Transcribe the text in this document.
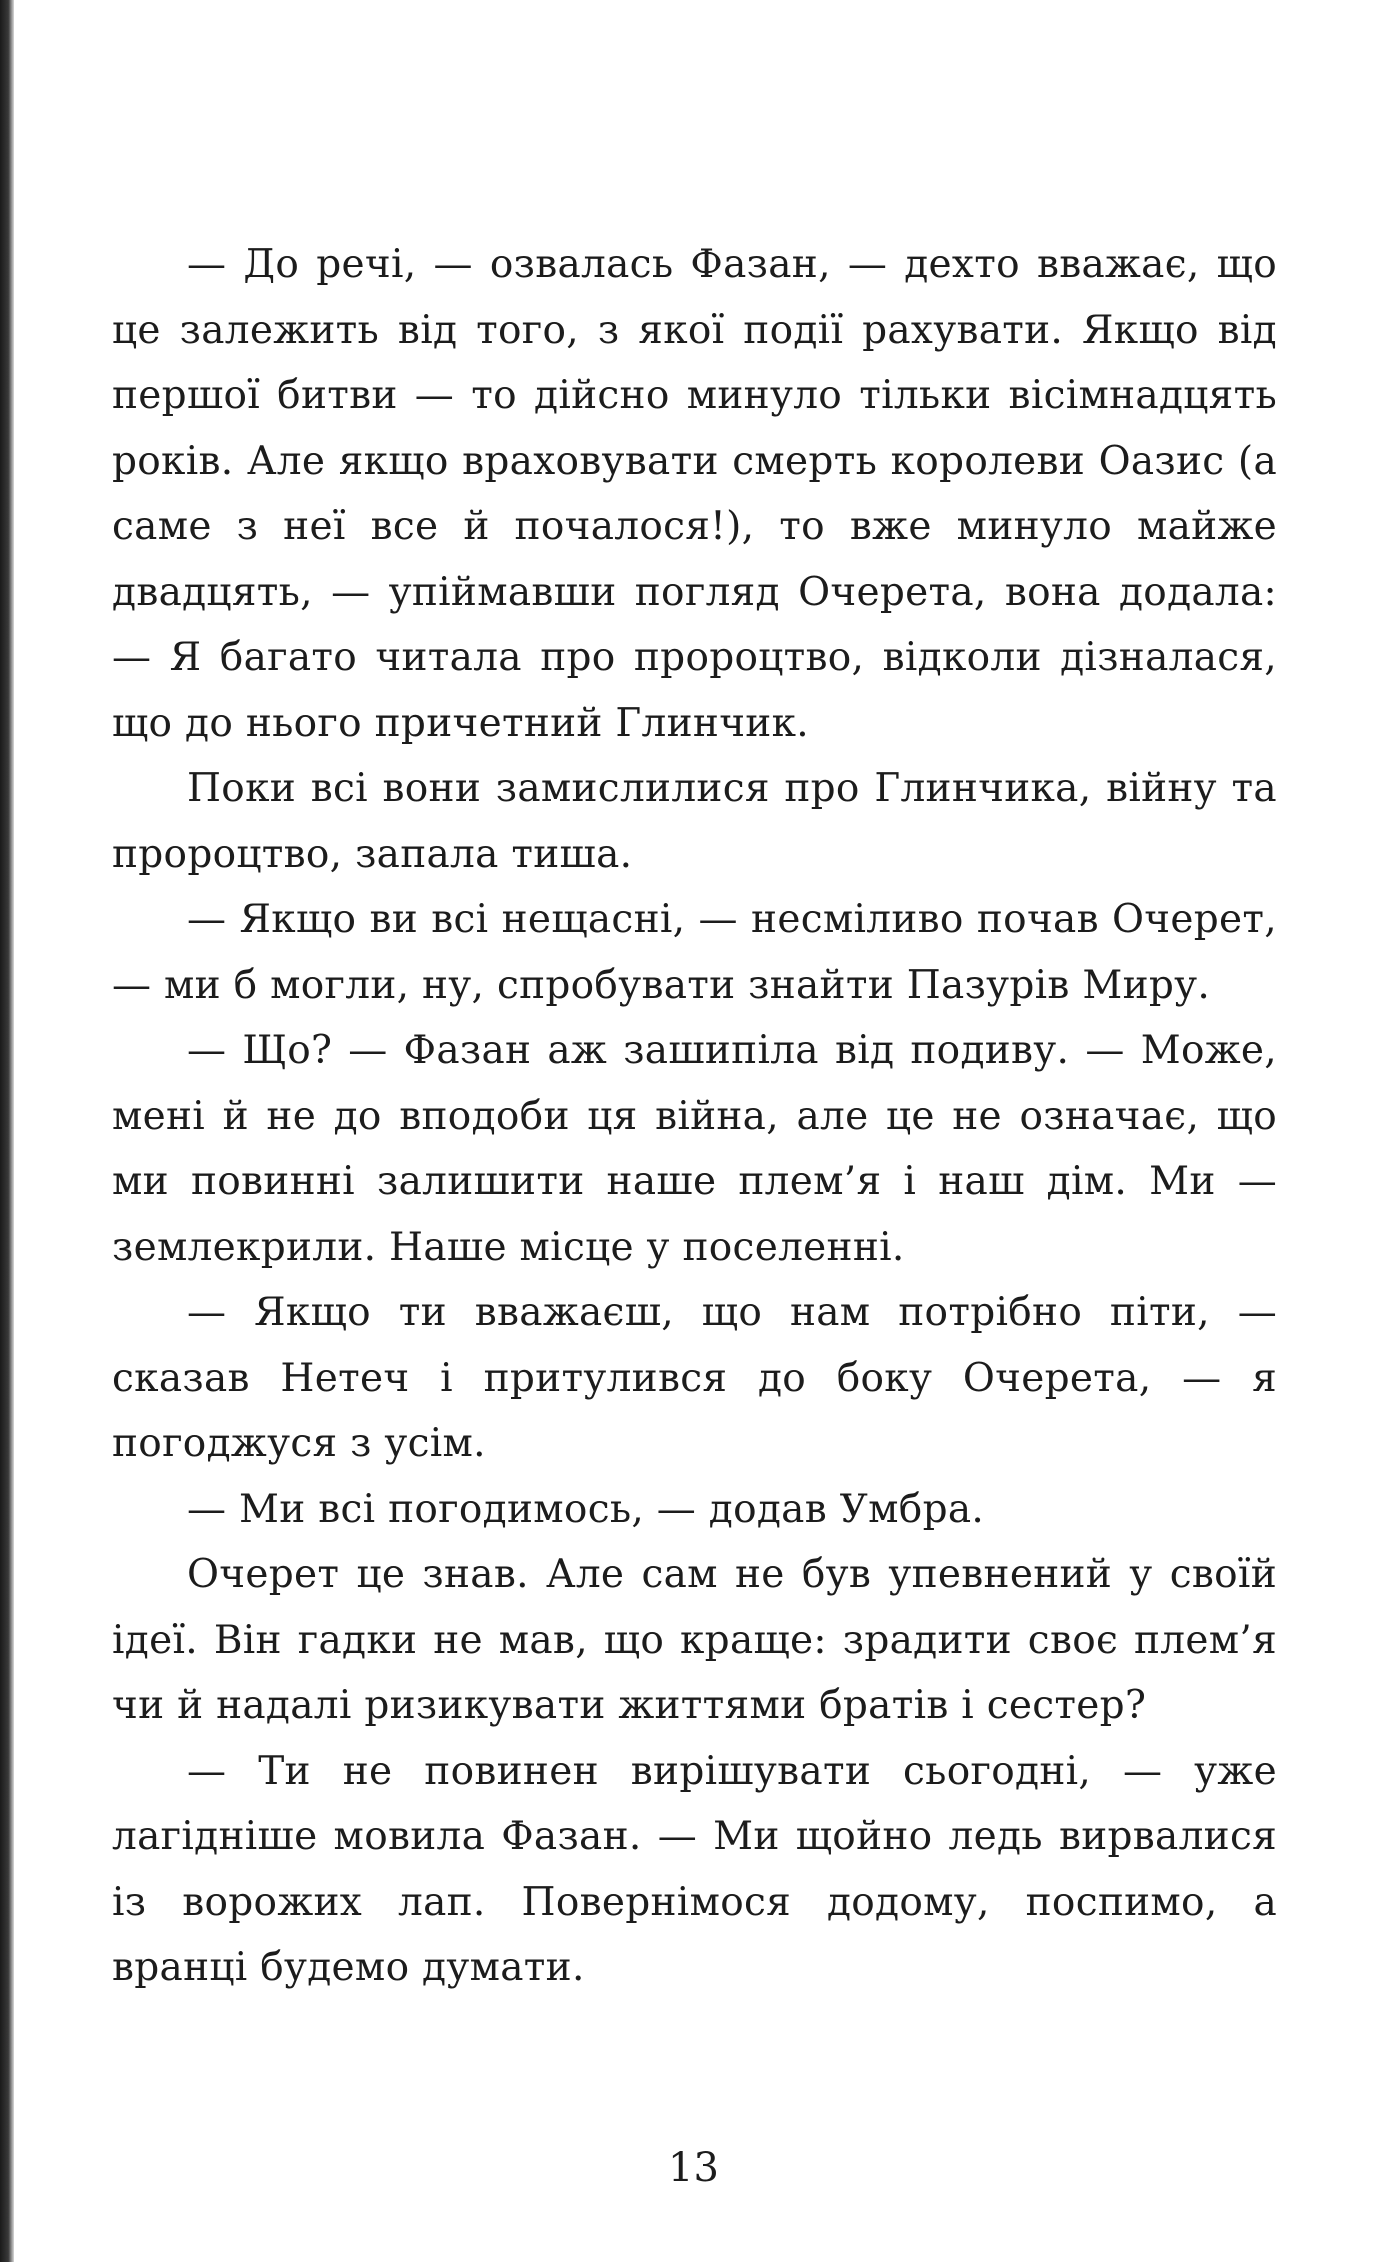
— До речі, — озвалась Фазан, — дехто вважає, що це залежить від того, з якої події рахувати. Якщо від першої битви — то дійсно минуло тільки вісімнадцять років. Але якщо враховувати смерть королеви Оазис (а саме з неї все й почалося!), то вже минуло майже двадцять, — упіймавши погляд Очерета, вона додала: — Я багато читала про пророцтво, відколи дізналася, що до нього причетний Глинчик.

Поки всі вони замислилися про Глинчика, війну та пророцтво, запала тиша.

— Якщо ви всі нещасні, — несміливо почав Очерет, — ми б могли, ну, спробувати знайти Пазурів Миру.

— Що? — Фазан аж зашипіла від подиву. — Може, мені й не до вподоби ця війна, але це не означає, що ми повинні залишити наше плем’я і наш дім. Ми — землекрили. Наше місце у поселенні.

— Якщо ти вважаєш, що нам потрібно піти, — сказав Нетеч і притулився до боку Очерета, — я погоджуся з усім.

— Ми всі погодимось, — додав Умбра.

Очерет це знав. Але сам не був упевнений у своїй ідеї. Він гадки не мав, що краще: зрадити своє плем’я чи й надалі ризикувати життями братів і сестер?

— Ти не повинен вирішувати сьогодні, — уже лагідніше мовила Фазан. — Ми щойно ледь вирвалися із ворожих лап. Повернімося додому, поспимо, а вранці будемо думати.

13
